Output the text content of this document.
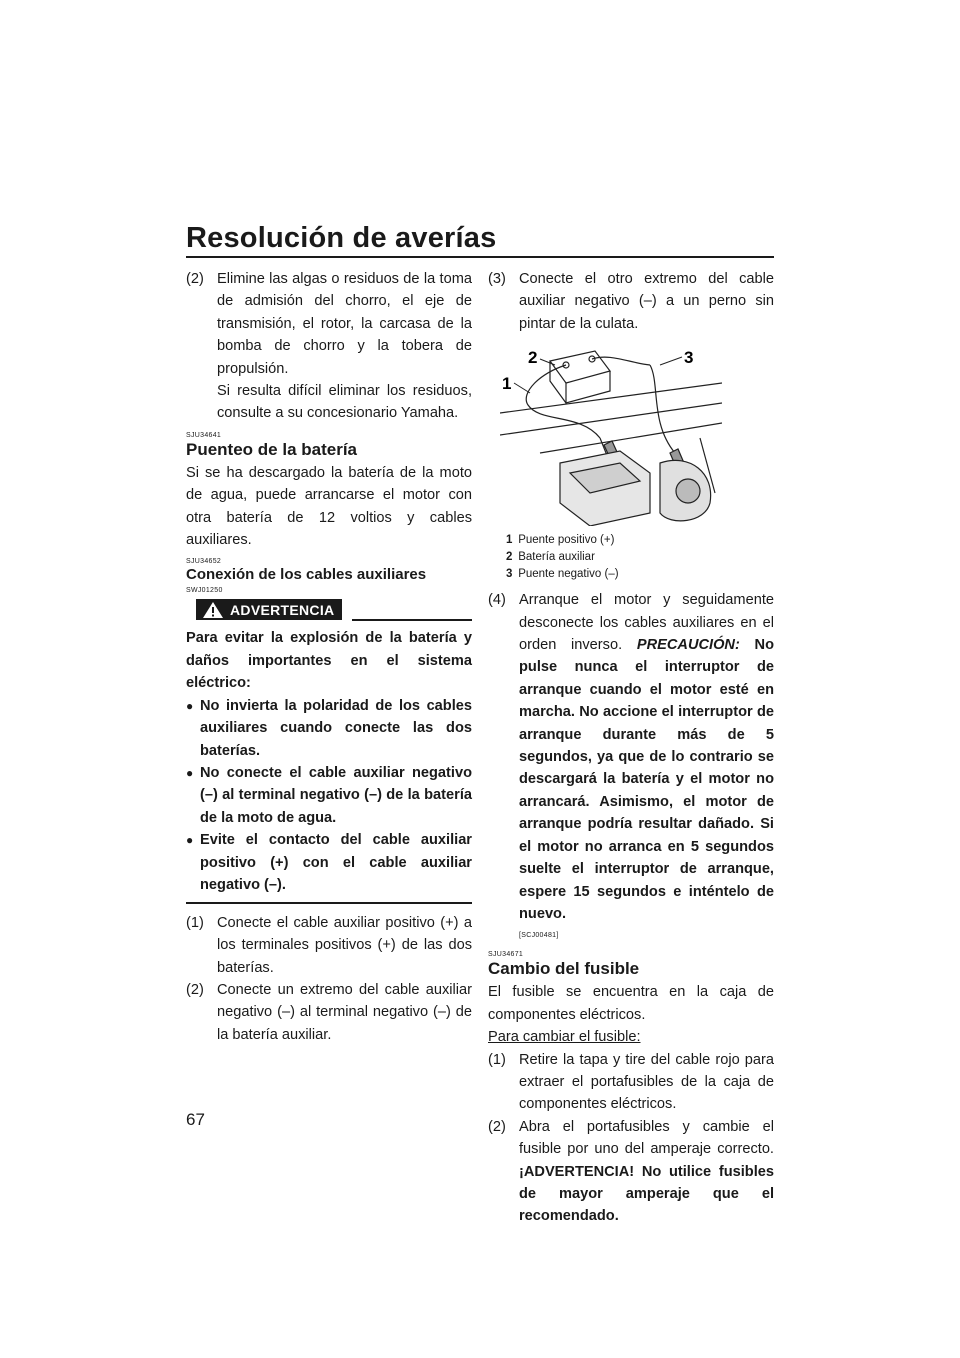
Resolución de averías
(2) Elimine las algas o residuos de la toma de admisión del chorro, el eje de transmisión, el rotor, la carcasa de la bomba de chorro y la tobera de propulsión.
Si resulta difícil eliminar los residuos, consulte a su concesionario Yamaha.
SJU34641
Puenteo de la batería
Si se ha descargado la batería de la moto de agua, puede arrancarse el motor con otra batería de 12 voltios y cables auxiliares.
SJU34652
Conexión de los cables auxiliares
SWJ01250
ADVERTENCIA
Para evitar la explosión de la batería y daños importantes en el sistema eléctrico:
● No invierta la polaridad de los cables auxiliares cuando conecte las dos baterías.
● No conecte el cable auxiliar negativo (–) al terminal negativo (–) de la batería de la moto de agua.
● Evite el contacto del cable auxiliar positivo (+) con el cable auxiliar negativo (–).
(1) Conecte el cable auxiliar positivo (+) a los terminales positivos (+) de las dos baterías.
(2) Conecte un extremo del cable auxiliar negativo (–) al terminal negativo (–) de la batería auxiliar.
(3) Conecte el otro extremo del cable auxiliar negativo (–) a un perno sin pintar de la culata.
2	3
1
1 Puente positivo (+)
2 Batería auxiliar
3 Puente negativo (–)
(4) Arranque el motor y seguidamente desconecte los cables auxiliares en el orden inverso. PRECAUCIÓN: No pulse nunca el interruptor de arranque cuando el motor esté en marcha. No accione el interruptor de arranque durante más de 5 segundos, ya que de lo contrario se descargará la batería y el motor no arrancará. Asimismo, el motor de arranque podría resultar dañado. Si el motor no arranca en 5 segundos suelte el interruptor de arranque, espere 15 segundos e inténtelo de nuevo.
[SCJ00481]
SJU34671
Cambio del fusible
El fusible se encuentra en la caja de componentes eléctricos.
Para cambiar el fusible:
(1) Retire la tapa y tire del cable rojo para extraer el portafusibles de la caja de componentes eléctricos.
(2) Abra el portafusibles y cambie el fusible por uno del amperaje correcto. ¡ADVERTENCIA! No utilice fusibles de mayor amperaje que el recomendado.
67
carmanualsonline.info
